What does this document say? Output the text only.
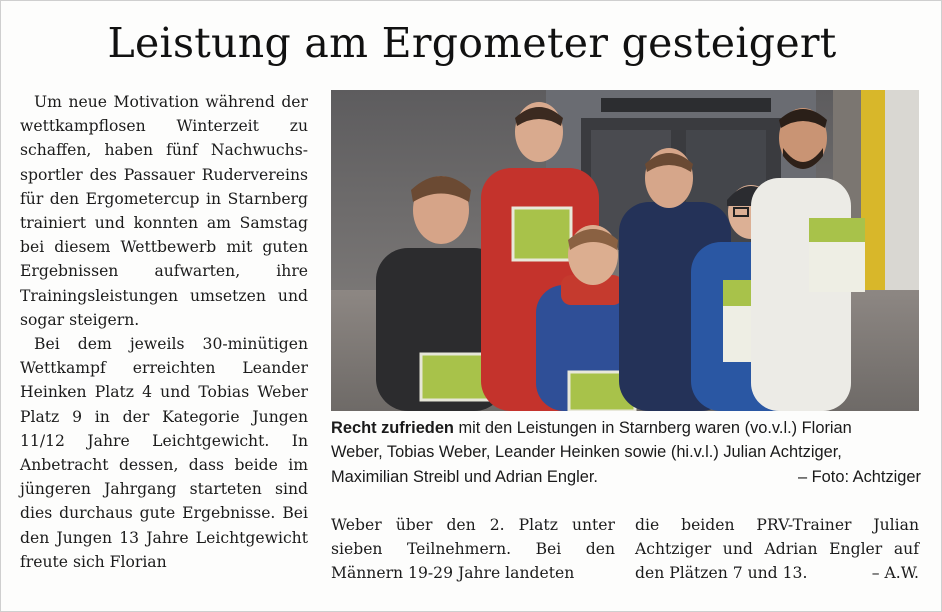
Leistung am Ergometer gesteigert

Um neue Motivation während der wettkampflosen Winterzeit zu schaffen, haben fünf Nachwuchssportler des Passauer Rudervereins für den Ergometercup in Starnberg trainiert und konnten am Samstag bei diesem Wettbewerb mit guten Ergebnissen aufwarten, ihre Trainingsleistungen umsetzen und sogar steigern.

Bei dem jeweils 30-minütigen Wettkampf erreichten Leander Heinken Platz 4 und Tobias Weber Platz 9 in der Kategorie Jungen 11/12 Jahre Leichtgewicht. In Anbetracht dessen, dass beide im jüngeren Jahrgang starteten sind dies durchaus gute Ergebnisse. Bei den Jungen 13 Jahre Leichtgewicht freute sich Florian

Recht zufrieden mit den Leistungen in Starnberg waren (vo.v.l.) Florian
Weber, Tobias Weber, Leander Heinken sowie (hi.v.l.) Julian Achtziger,
Maximilian Streibl und Adrian Engler.	– Foto: Achtziger
Weber über den 2. Platz unter sieben Teilnehmern. Bei den Männern 19-29 Jahre landeten
die beiden PRV-Trainer Julian Achtziger und Adrian Engler auf den Plätzen 7 und 13.	– A.W.
